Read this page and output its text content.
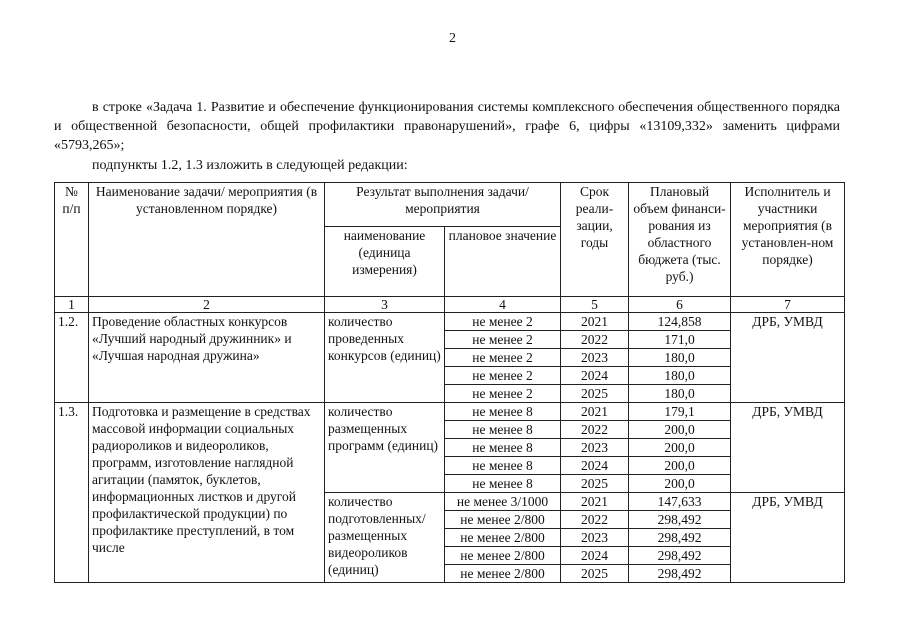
2

в строке «Задача 1. Развитие и обеспечение функционирования системы комплексного обеспечения общественного порядка и общественной безопасности, общей профилактики правонарушений», графе 6, цифры «13109,332» заменить цифрами «5793,265»;

подпункты 1.2, 1.3 изложить в следующей редакции:

№ п/п	Наименование задачи/ мероприятия (в установленном порядке)	Результат выполнения задачи/ мероприятия		Срок реали-зации, годы	Плановый объем финанси-рования из областного бюджета (тыс. руб.)	Исполнитель и участники мероприятия (в установлен-ном порядке)
		наименование (единица измерения)	плановое значение			
1	2	3	4	5	6	7
1.2.	Проведение областных конкурсов «Лучший народный дружинник» и «Лучшая народная дружина»	количество проведенных конкурсов (единиц)	не менее 2	2021	124,858	ДРБ, УМВД
			не менее 2	2022	171,0	
			не менее 2	2023	180,0	
			не менее 2	2024	180,0	
			не менее 2	2025	180,0	
1.3.	Подготовка и размещение в средствах массовой информации социальных радиороликов и видеороликов, программ, изготовление наглядной агитации (памяток, буклетов, информационных листков и другой профилактической продукции) по профилактике преступлений, в том числе	количество размещенных программ (единиц)	не менее 8	2021	179,1	ДРБ, УМВД
			не менее 8	2022	200,0	
			не менее 8	2023	200,0	
			не менее 8	2024	200,0	
			не менее 8	2025	200,0	
		количество подготовленных/ размещенных видеороликов (единиц)	не менее 3/1000	2021	147,633	ДРБ, УМВД
			не менее 2/800	2022	298,492	
			не менее 2/800	2023	298,492	
			не менее 2/800	2024	298,492	
			не менее 2/800	2025	298,492	
